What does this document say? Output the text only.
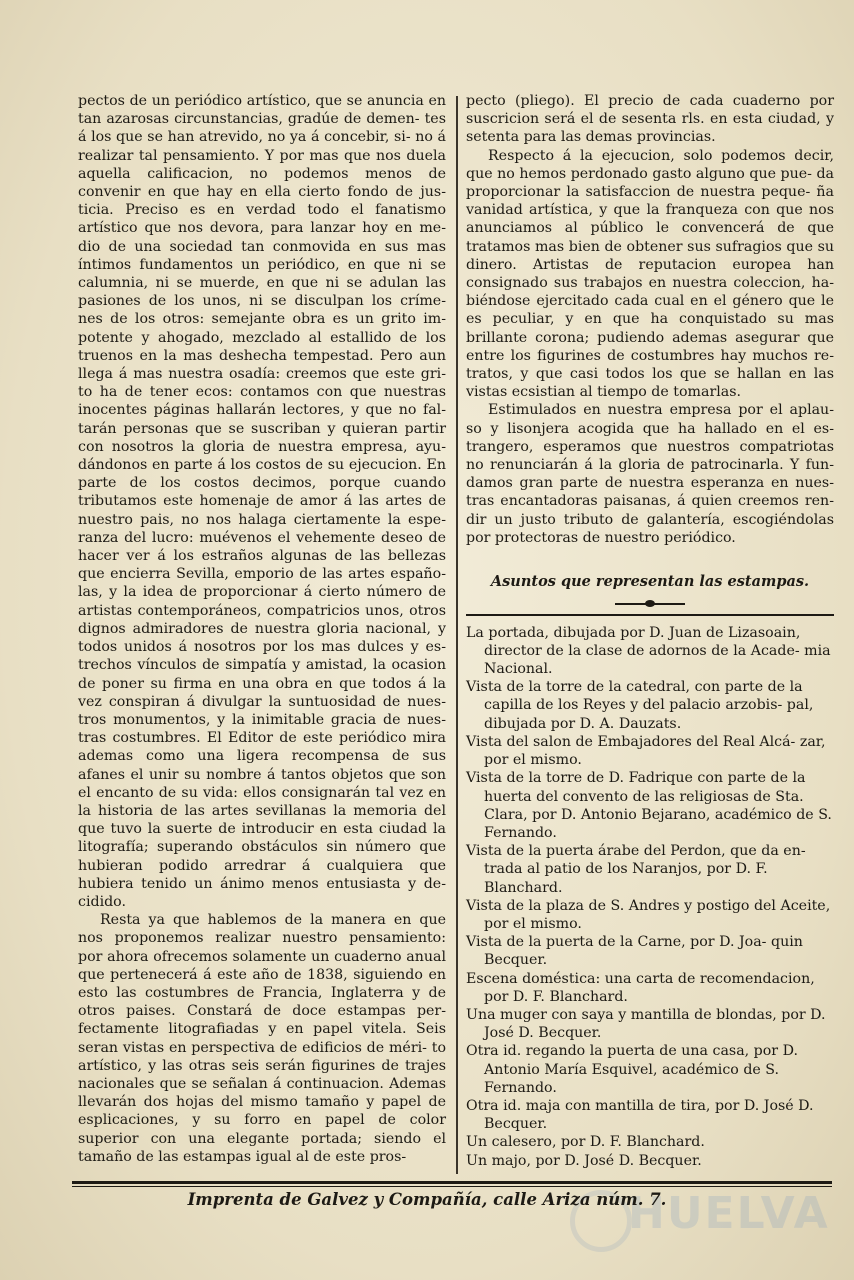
pectos de un periódico artístico, que se anuncia en tan azarosas circunstancias, gradúe de demen- tes á los que se han atrevido, no ya á concebir, si- no á realizar tal pensamiento. Y por mas que nos duela aquella calificacion, no podemos menos de convenir en que hay en ella cierto fondo de jus- ticia. Preciso es en verdad todo el fanatismo artístico que nos devora, para lanzar hoy en me- dio de una sociedad tan conmovida en sus mas íntimos fundamentos un periódico, en que ni se calumnia, ni se muerde, en que ni se adulan las pasiones de los unos, ni se disculpan los críme- nes de los otros: semejante obra es un grito im- potente y ahogado, mezclado al estallido de los truenos en la mas deshecha tempestad. Pero aun llega á mas nuestra osadía: creemos que este gri- to ha de tener ecos: contamos con que nuestras inocentes páginas hallarán lectores, y que no fal- tarán personas que se suscriban y quieran partir con nosotros la gloria de nuestra empresa, ayu- dándonos en parte á los costos de su ejecucion. En parte de los costos decimos, porque cuando tributamos este homenaje de amor á las artes de nuestro pais, no nos halaga ciertamente la espe- ranza del lucro: muévenos el vehemente deseo de hacer ver á los estraños algunas de las bellezas que encierra Sevilla, emporio de las artes españo- las, y la idea de proporcionar á cierto número de artistas contemporáneos, compatricios unos, otros dignos admiradores de nuestra gloria nacional, y todos unidos á nosotros por los mas dulces y es- trechos vínculos de simpatía y amistad, la ocasion de poner su firma en una obra en que todos á la vez conspiran á divulgar la suntuosidad de nues- tros monumentos, y la inimitable gracia de nues- tras costumbres. El Editor de este periódico mira ademas como una ligera recompensa de sus afanes el unir su nombre á tantos objetos que son el encanto de su vida: ellos consignarán tal vez en la historia de las artes sevillanas la memoria del que tuvo la suerte de introducir en esta ciudad la litografía; superando obstáculos sin número que hubieran podido arredrar á cualquiera que hubiera tenido un ánimo menos entusiasta y de- cidido.

Resta ya que hablemos de la manera en que nos proponemos realizar nuestro pensamiento: por ahora ofrecemos solamente un cuaderno anual que pertenecerá á este año de 1838, siguiendo en esto las costumbres de Francia, Inglaterra y de otros paises. Constará de doce estampas per- fectamente litografiadas y en papel vitela. Seis seran vistas en perspectiva de edificios de méri- to artístico, y las otras seis serán figurines de trajes nacionales que se señalan á continuacion. Ademas llevarán dos hojas del mismo tamaño y papel de esplicaciones, y su forro en papel de color superior con una elegante portada; siendo el tamaño de las estampas igual al de este pros-

pecto (pliego). El precio de cada cuaderno por suscricion será el de sesenta rls. en esta ciudad, y setenta para las demas provincias.

Respecto á la ejecucion, solo podemos decir, que no hemos perdonado gasto alguno que pue- da proporcionar la satisfaccion de nuestra peque- ña vanidad artística, y que la franqueza con que nos anunciamos al público le convencerá de que tratamos mas bien de obtener sus sufragios que su dinero. Artistas de reputacion europea han consignado sus trabajos en nuestra coleccion, ha- biéndose ejercitado cada cual en el género que le es peculiar, y en que ha conquistado su mas brillante corona; pudiendo ademas asegurar que entre los figurines de costumbres hay muchos re- tratos, y que casi todos los que se hallan en las vistas ecsistian al tiempo de tomarlas.

Estimulados en nuestra empresa por el aplau- so y lisonjera acogida que ha hallado en el es- trangero, esperamos que nuestros compatriotas no renunciarán á la gloria de patrocinarla. Y fun- damos gran parte de nuestra esperanza en nues- tras encantadoras paisanas, á quien creemos ren- dir un justo tributo de galantería, escogiéndolas por protectoras de nuestro periódico.

Asuntos que representan las estampas.
La portada, dibujada por D. Juan de Lizasoain, director de la clase de adornos de la Acade- mia Nacional.
Vista de la torre de la catedral, con parte de la capilla de los Reyes y del palacio arzobis- pal, dibujada por D. A. Dauzats.
Vista del salon de Embajadores del Real Alcá- zar, por el mismo.
Vista de la torre de D. Fadrique con parte de la huerta del convento de las religiosas de Sta. Clara, por D. Antonio Bejarano, académico de S. Fernando.
Vista de la puerta árabe del Perdon, que da en- trada al patio de los Naranjos, por D. F. Blanchard.
Vista de la plaza de S. Andres y postigo del Aceite, por el mismo.
Vista de la puerta de la Carne, por D. Joa- quin Becquer.
Escena doméstica: una carta de recomendacion, por D. F. Blanchard.
Una muger con saya y mantilla de blondas, por D. José D. Becquer.
Otra id. regando la puerta de una casa, por D. Antonio María Esquivel, académico de S. Fernando.
Otra id. maja con mantilla de tira, por D. José D. Becquer.
Un calesero, por D. F. Blanchard.
Un majo, por D. José D. Becquer.
HUELVA
Imprenta de Galvez y Compañía, calle Ariza núm. 7.
